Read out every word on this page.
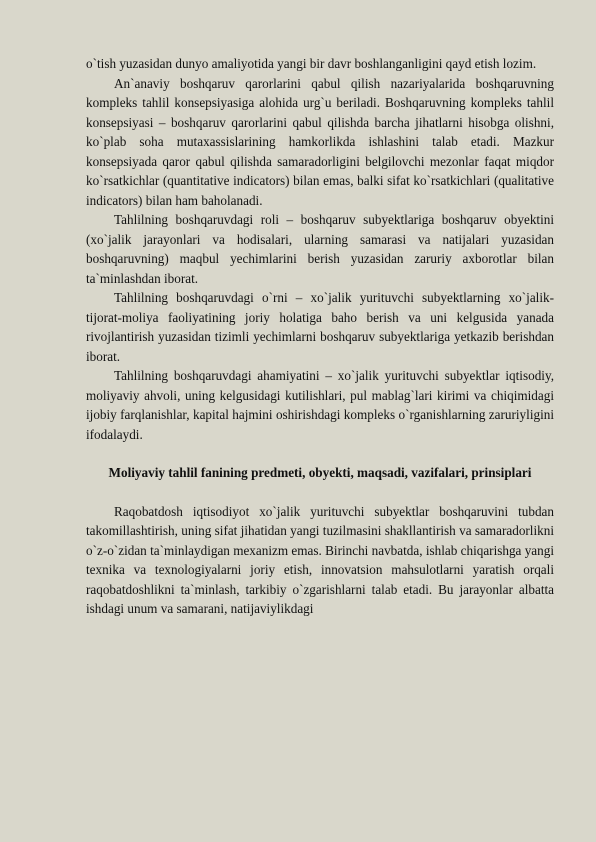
o`tish yuzasidan dunyo amaliyotida yangi bir davr boshlanganligini qayd etish lozim.

An`anaviy boshqaruv qarorlarini qabul qilish nazariyalarida boshqaruvning kompleks tahlil konsepsiyasiga alohida urg`u beriladi. Boshqaruvning kompleks tahlil konsepsiyasi – boshqaruv qarorlarini qabul qilishda barcha jihatlarni hisobga olishni, ko`plab soha mutaxassislarining hamkorlikda ishlashini talab etadi. Mazkur konsepsiyada qaror qabul qilishda samaradorligini belgilovchi mezonlar faqat miqdor ko`rsatkichlar (quantitative indicators) bilan emas, balki sifat ko`rsatkichlari (qualitative indicators) bilan ham baholanadi.

Tahlilning boshqaruvdagi roli – boshqaruv subyektlariga boshqaruv obyektini (xo`jalik jarayonlari va hodisalari, ularning samarasi va natijalari yuzasidan boshqaruvning) maqbul yechimlarini berish yuzasidan zaruriy axborotlar bilan ta`minlashdan iborat.

Tahlilning boshqaruvdagi o`rni – xo`jalik yurituvchi subyektlarning xo`jalik-tijorat-moliya faoliyatining joriy holatiga baho berish va uni kelgusida yanada rivojlantirish yuzasidan tizimli yechimlarni boshqaruv subyektlariga yetkazib berishdan iborat.

Tahlilning boshqaruvdagi ahamiyatini – xo`jalik yurituvchi subyektlar iqtisodiy, moliyaviy ahvoli, uning kelgusidagi kutilishlari, pul mablag`lari kirimi va chiqimidagi ijobiy farqlanishlar, kapital hajmini oshirishdagi kompleks o`rganishlarning zaruriyligini ifodalaydi.

Moliyaviy tahlil fanining predmeti, obyekti, maqsadi, vazifalari, prinsiplari

Raqobatdosh iqtisodiyot xo`jalik yurituvchi subyektlar boshqaruvini tubdan takomillashtirish, uning sifat jihatidan yangi tuzilmasini shakllantirish va samaradorlikni o`z-o`zidan ta`minlaydigan mexanizm emas. Birinchi navbatda, ishlab chiqarishga yangi texnika va texnologiyalarni joriy etish, innovatsion mahsulotlarni yaratish orqali raqobatdoshlikni ta`minlash, tarkibiy o`zgarishlarni talab etadi. Bu jarayonlar albatta ishdagi unum va samarani, natijaviylikdagi
